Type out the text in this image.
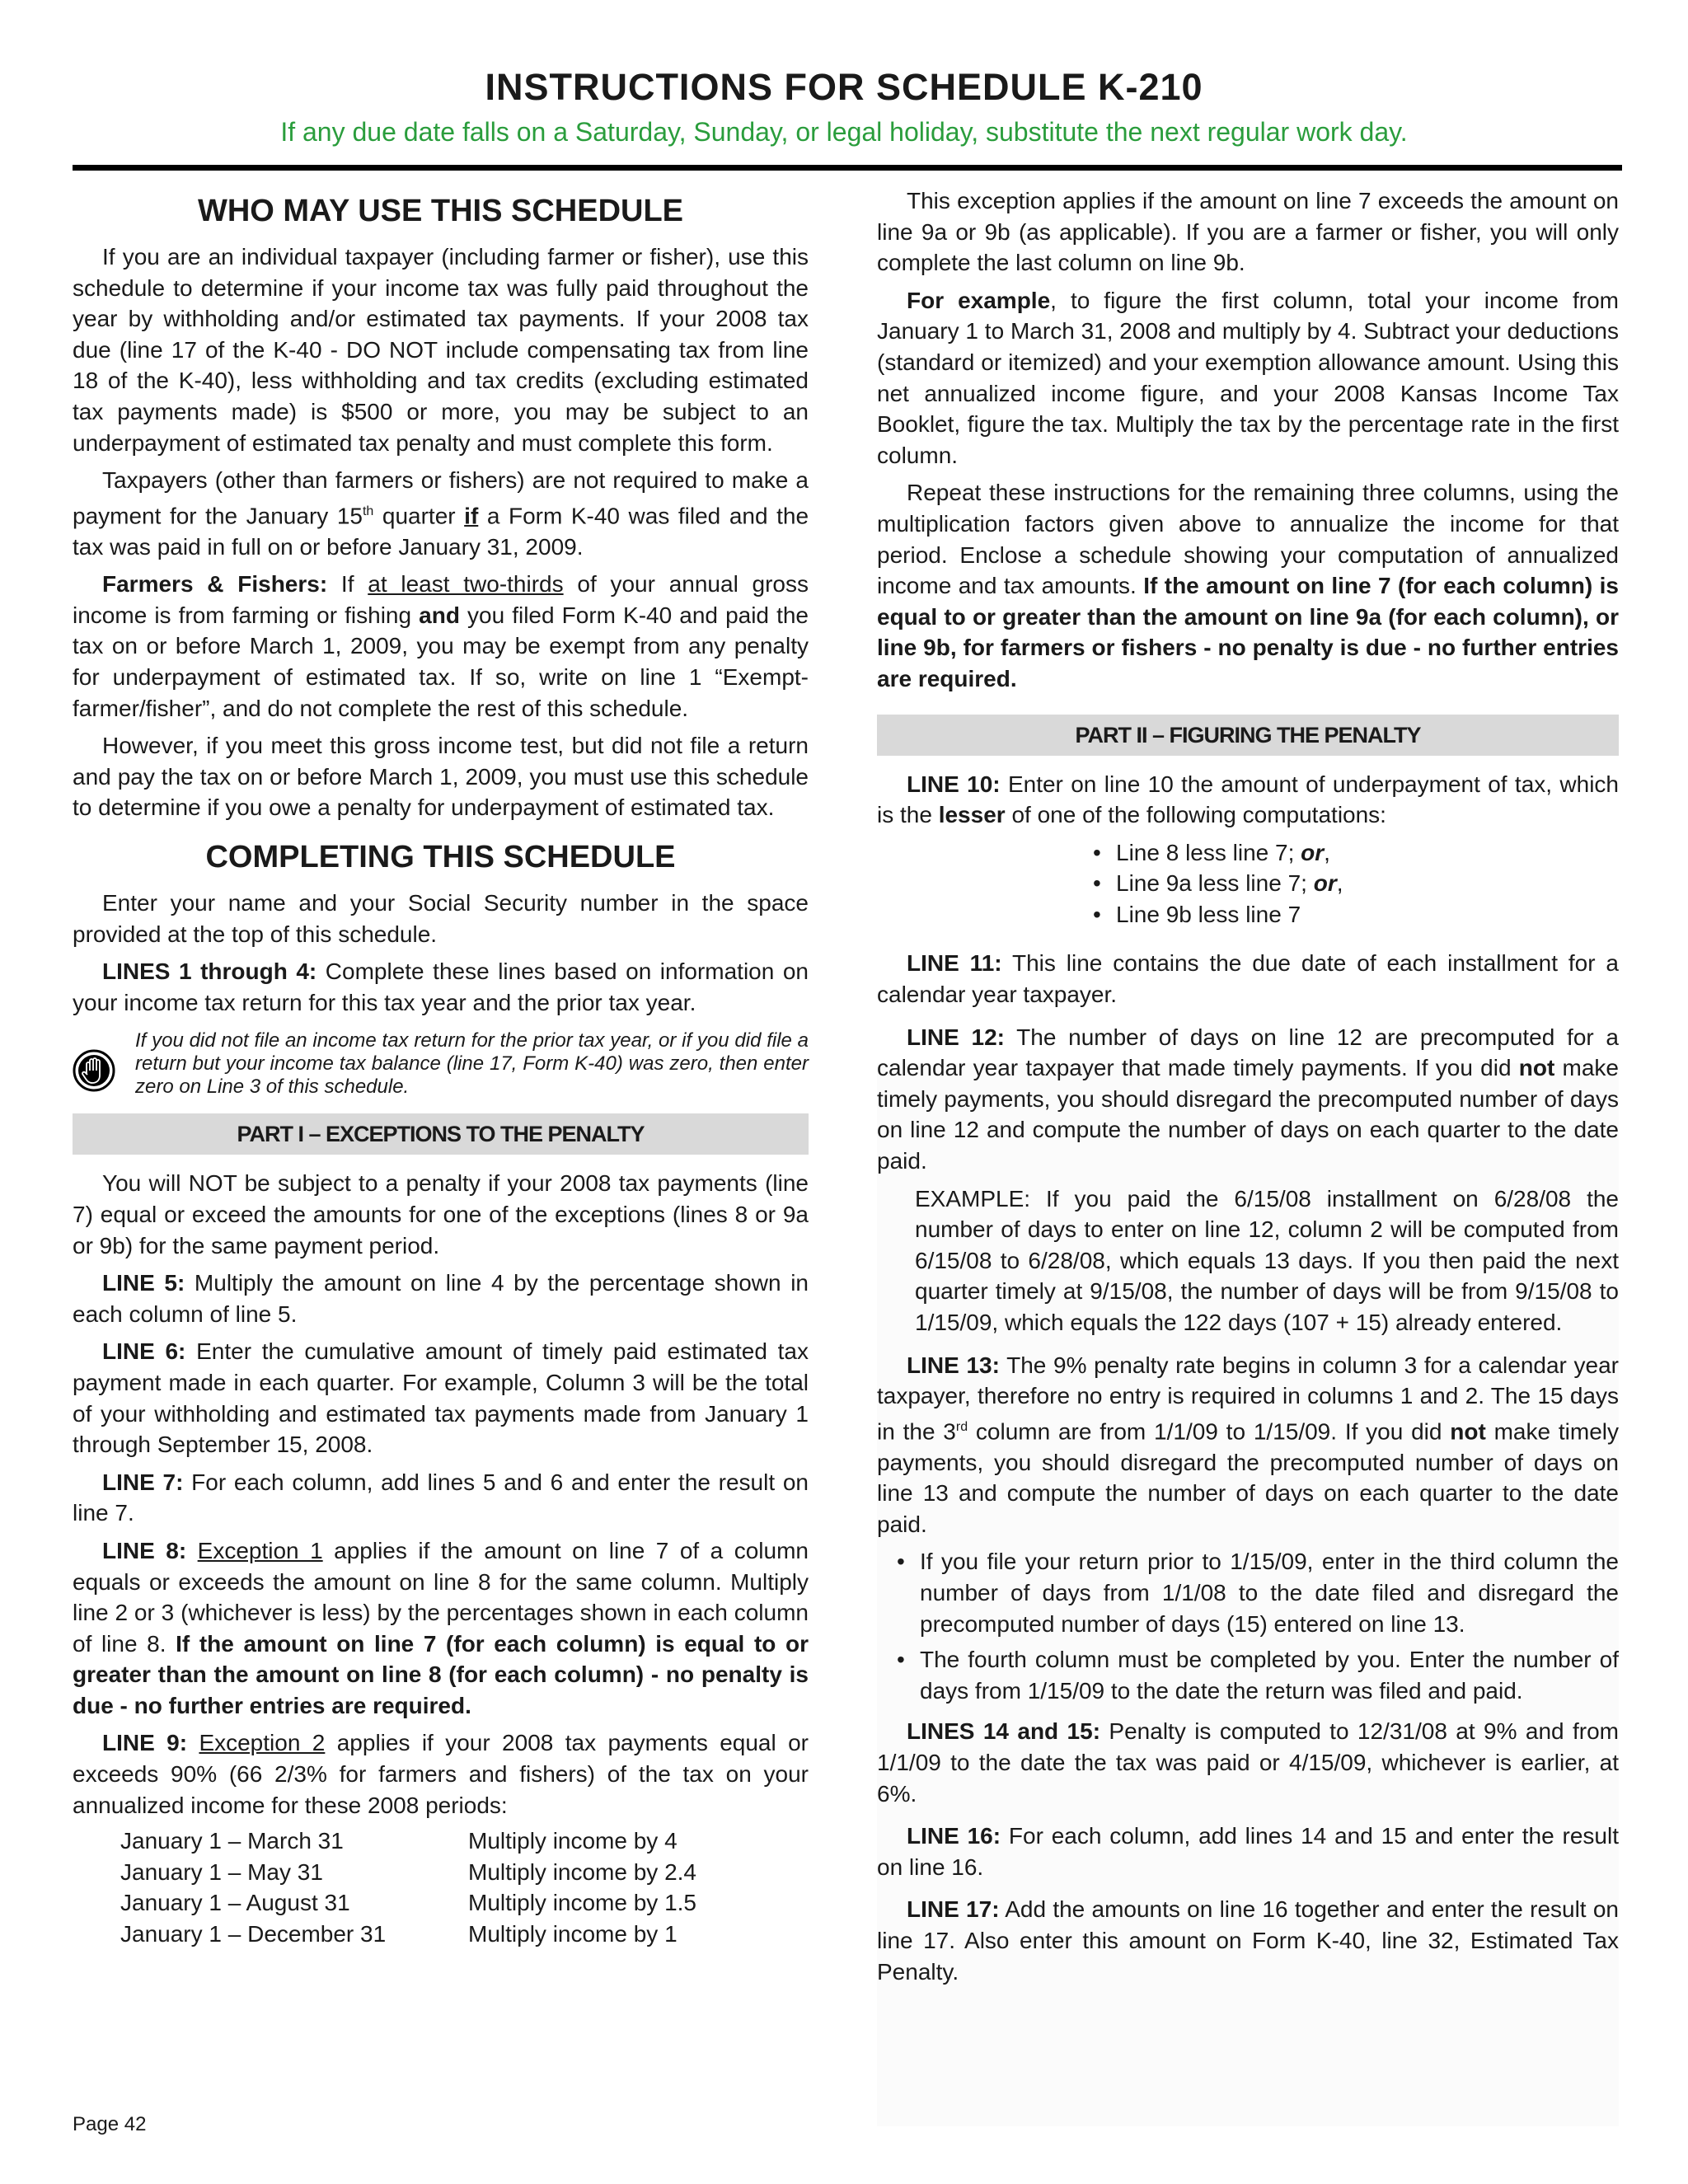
INSTRUCTIONS FOR SCHEDULE K-210
If any due date falls on a Saturday, Sunday, or legal holiday, substitute the next regular work day.
WHO MAY USE THIS SCHEDULE

If you are an individual taxpayer (including farmer or fisher), use this schedule to determine if your income tax was fully paid throughout the year by withholding and/or estimated tax payments. If your 2008 tax due (line 17 of the K-40 - DO NOT include compensating tax from line 18 of the K-40), less withholding and tax credits (excluding estimated tax payments made) is $500 or more, you may be subject to an underpayment of estimated tax penalty and must complete this form.

Taxpayers (other than farmers or fishers) are not required to make a payment for the January 15th quarter if a Form K-40 was filed and the tax was paid in full on or before January 31, 2009.

Farmers & Fishers: If at least two-thirds of your annual gross income is from farming or fishing and you filed Form K-40 and paid the tax on or before March 1, 2009, you may be exempt from any penalty for underpayment of estimated tax. If so, write on line 1 “Exempt-farmer/fisher”, and do not complete the rest of this schedule.

However, if you meet this gross income test, but did not file a return and pay the tax on or before March 1, 2009, you must use this schedule to determine if you owe a penalty for underpayment of estimated tax.

COMPLETING THIS SCHEDULE

Enter your name and your Social Security number in the space provided at the top of this schedule.

LINES 1 through 4: Complete these lines based on information on your income tax return for this tax year and the prior tax year.

If you did not file an income tax return for the prior tax year, or if you did file a return but your income tax balance (line 17, Form K-40) was zero, then enter zero on Line 3 of this schedule.
PART I – EXCEPTIONS TO THE PENALTY

You will NOT be subject to a penalty if your 2008 tax payments (line 7) equal or exceed the amounts for one of the exceptions (lines 8 or 9a or 9b) for the same payment period.

LINE 5: Multiply the amount on line 4 by the percentage shown in each column of line 5.

LINE 6: Enter the cumulative amount of timely paid estimated tax payment made in each quarter. For example, Column 3 will be the total of your withholding and estimated tax payments made from January 1 through September 15, 2008.

LINE 7: For each column, add lines 5 and 6 and enter the result on line 7.

LINE 8: Exception 1 applies if the amount on line 7 of a column equals or exceeds the amount on line 8 for the same column. Multiply line 2 or 3 (whichever is less) by the percentages shown in each column of line 8. If the amount on line 7 (for each column) is equal to or greater than the amount on line 8 (for each column) - no penalty is due - no further entries are required.

LINE 9: Exception 2 applies if your 2008 tax payments equal or exceeds 90% (66 2/3% for farmers and fishers) of the tax on your annualized income for these 2008 periods:

January 1 – March 31	Multiply income by 4
January 1 – May 31	Multiply income by 2.4
January 1 – August 31	Multiply income by 1.5
January 1 – December 31	Multiply income by 1

This exception applies if the amount on line 7 exceeds the amount on line 9a or 9b (as applicable). If you are a farmer or fisher, you will only complete the last column on line 9b.

For example, to figure the first column, total your income from January 1 to March 31, 2008 and multiply by 4. Subtract your deductions (standard or itemized) and your exemption allowance amount. Using this net annualized income figure, and your 2008 Kansas Income Tax Booklet, figure the tax. Multiply the tax by the percentage rate in the first column.

Repeat these instructions for the remaining three columns, using the multiplication factors given above to annualize the income for that period. Enclose a schedule showing your computation of annualized income and tax amounts. If the amount on line 7 (for each column) is equal to or greater than the amount on line 9a (for each column), or line 9b, for farmers or fishers - no penalty is due - no further entries are required.

PART II – FIGURING THE PENALTY

LINE 10: Enter on line 10 the amount of underpayment of tax, which is the lesser of one of the following computations:

• Line 8 less line 7; or,
• Line 9a less line 7; or,
• Line 9b less line 7

LINE 11: This line contains the due date of each installment for a calendar year taxpayer.

LINE 12: The number of days on line 12 are precomputed for a calendar year taxpayer that made timely payments. If you did not make timely payments, you should disregard the precomputed number of days on line 12 and compute the number of days on each quarter to the date paid.

EXAMPLE: If you paid the 6/15/08 installment on 6/28/08 the number of days to enter on line 12, column 2 will be computed from 6/15/08 to 6/28/08, which equals 13 days. If you then paid the next quarter timely at 9/15/08, the number of days will be from 9/15/08 to 1/15/09, which equals the 122 days (107 + 15) already entered.

LINE 13: The 9% penalty rate begins in column 3 for a calendar year taxpayer, therefore no entry is required in columns 1 and 2. The 15 days in the 3rd column are from 1/1/09 to 1/15/09. If you did not make timely payments, you should disregard the precomputed number of days on line 13 and compute the number of days on each quarter to the date paid.

• If you file your return prior to 1/15/09, enter in the third column the number of days from 1/1/08 to the date filed and disregard the precomputed number of days (15) entered on line 13.
• The fourth column must be completed by you. Enter the number of days from 1/15/09 to the date the return was filed and paid.

LINES 14 and 15: Penalty is computed to 12/31/08 at 9% and from 1/1/09 to the date the tax was paid or 4/15/09, whichever is earlier, at 6%.

LINE 16: For each column, add lines 14 and 15 and enter the result on line 16.

LINE 17: Add the amounts on line 16 together and enter the result on line 17. Also enter this amount on Form K-40, line 32, Estimated Tax Penalty.

Page 42
